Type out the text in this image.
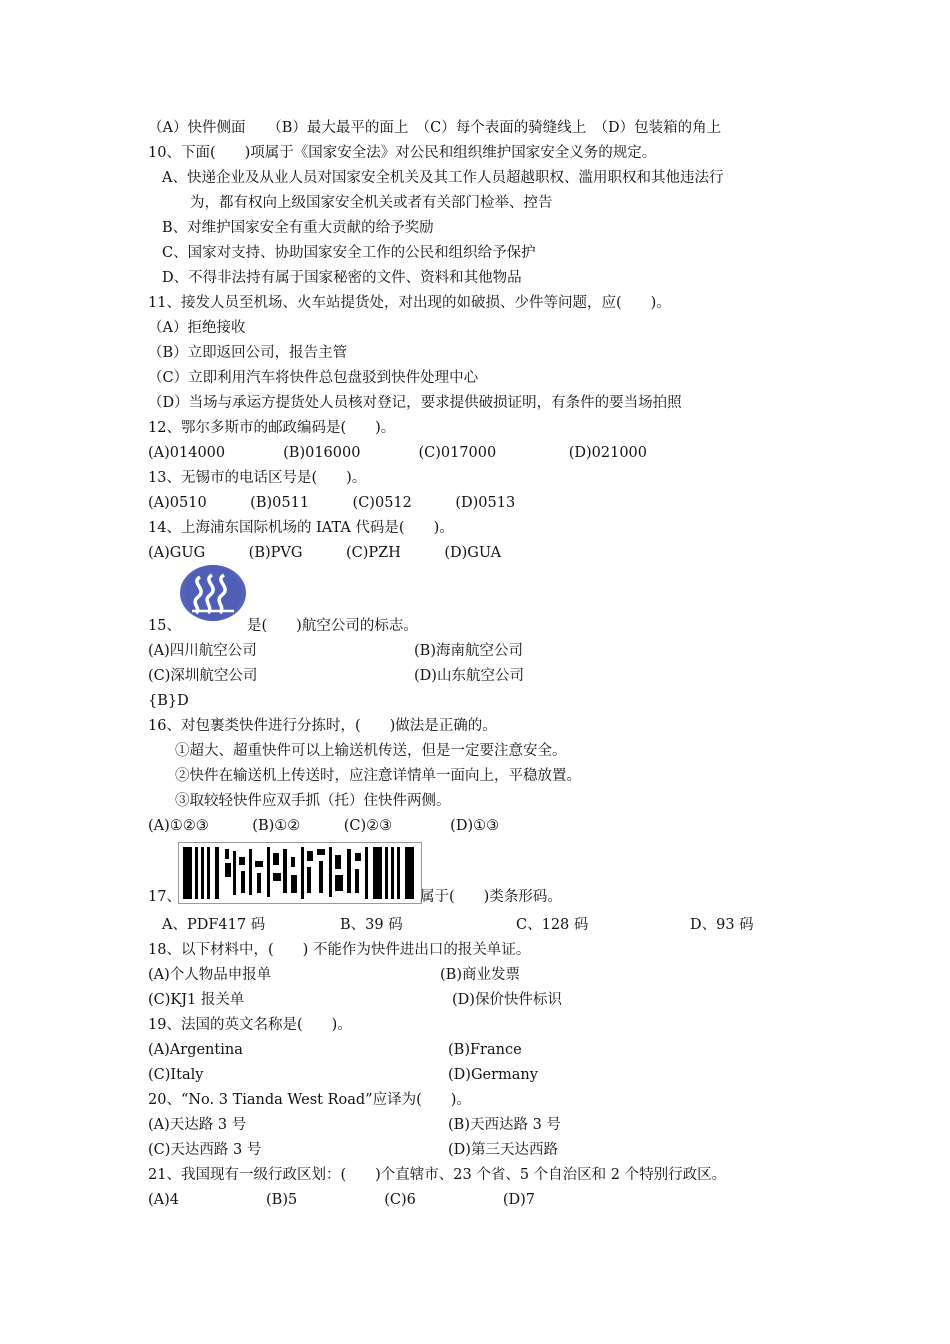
（A）快件侧面　　（B）最大最平的面上　（C）每个表面的骑缝线上　（D）包装箱的角上
10、下面(　　)项属于《国家安全法》对公民和组织维护国家安全义务的规定。
A、快递企业及从业人员对国家安全机关及其工作人员超越职权、滥用职权和其他违法行
为，都有权向上级国家安全机关或者有关部门检举、控告
B、对维护国家安全有重大贡献的给予奖励
C、国家对支持、协助国家安全工作的公民和组织给予保护
D、不得非法持有属于国家秘密的文件、资料和其他物品
11、接发人员至机场、火车站提货处，对出现的如破损、少件等问题，应(　　)。
（A）拒绝接收
（B）立即返回公司，报告主管
（C）立即利用汽车将快件总包盘驳到快件处理中心
（D）当场与承运方提货处人员核对登记，要求提供破损证明，有条件的要当场拍照
12、鄂尔多斯市的邮政编码是(　　)。
(A)014000　　　　(B)016000　　　　(C)017000　　　　　(D)021000
13、无锡市的电话区号是(　　)。
(A)0510　　　(B)0511　　　(C)0512　　　(D)0513
14、上海浦东国际机场的 IATA 代码是(　　)。
(A)GUG　　　(B)PVG　　　(C)PZH　　　(D)GUA
15、	是(　　)航空公司的标志。
(A)四川航空公司	(B)海南航空公司
(C)深圳航空公司	(D)山东航空公司
{B}D
16、对包裹类快件进行分拣时，(　　)做法是正确的。
①超大、超重快件可以上输送机传送，但是一定要注意安全。
②快件在输送机上传送时，应注意详情单一面向上，平稳放置。
③取较轻快件应双手抓（托）住快件两侧。
(A)①②③　　　(B)①②　　　(C)②③　　　　(D)①③
17、	属于(　　)类条形码。
A、PDF417 码	B、39 码	C、128 码	D、93 码
18、以下材料中，(　　) 不能作为快件进出口的报关单证。
(A)个人物品申报单	(B)商业发票
(C)KJ1 报关单	(D)保价快件标识
19、法国的英文名称是(　　)。
(A)Argentina	(B)France
(C)Italy	(D)Germany
20、“No. 3 Tianda West Road”应译为(　　)。
(A)天达路 3 号	(B)天西达路 3 号
(C)天达西路 3 号	(D)第三天达西路
21、我国现有一级行政区划：(　　)个直辖市、23 个省、5 个自治区和 2 个特别行政区。
(A)4　　　　　　(B)5　　　　　　(C)6　　　　　　(D)7
